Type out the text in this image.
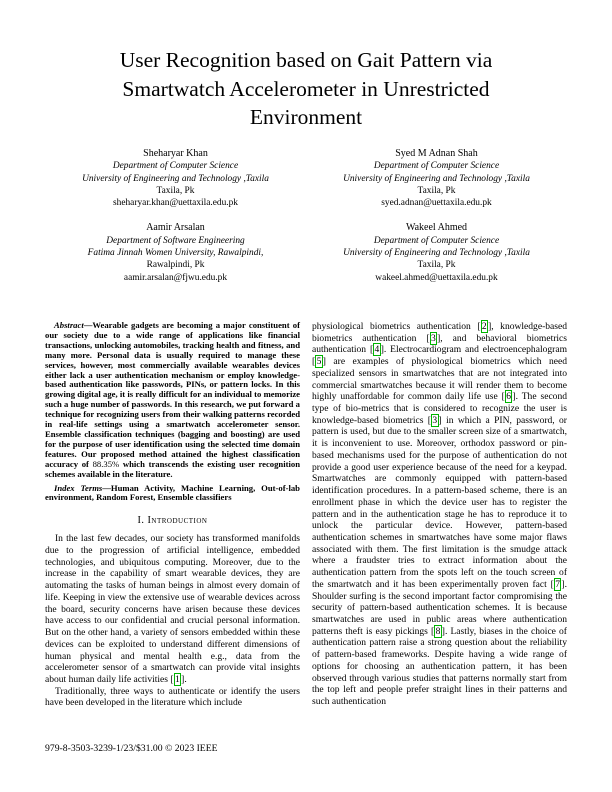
User Recognition based on Gait Pattern via
Smartwatch Accelerometer in Unrestricted
Environment
Sheharyar Khan
Department of Computer Science
University of Engineering and Technology ,Taxila
Taxila, Pk
sheharyar.khan@uettaxila.edu.pk
Syed M Adnan Shah
Department of Computer Science
University of Engineering and Technology ,Taxila
Taxila, Pk
syed.adnan@uettaxila.edu.pk
Aamir Arsalan
Department of Software Engineering
Fatima Jinnah Women University, Rawalpindi,
Rawalpindi, Pk
aamir.arsalan@fjwu.edu.pk
Wakeel Ahmed
Department of Computer Science
University of Engineering and Technology ,Taxila
Taxila, Pk
wakeel.ahmed@uettaxila.edu.pk

Abstract—Wearable gadgets are becoming a major constituent of our society due to a wide range of applications like financial transactions, unlocking automobiles, tracking health and fitness, and many more. Personal data is usually required to manage these services, however, most commercially available wearables devices either lack a user authentication mechanism or employ knowledge-based authentication like passwords, PINs, or pattern locks. In this growing digital age, it is really difficult for an individual to memorize such a huge number of passwords. In this research, we put forward a technique for recognizing users from their walking patterns recorded in real-life settings using a smartwatch accelerometer sensor. Ensemble classification techniques (bagging and boosting) are used for the purpose of user identification using the selected time domain features. Our proposed method attained the highest classification accuracy of 88.35% which transcends the existing user recognition schemes available in the literature.

Index Terms—Human Activity, Machine Learning, Out-of-lab environment, Random Forest, Ensemble classifiers

I. Introduction

In the last few decades, our society has transformed manifolds due to the progression of artificial intelligence, embedded technologies, and ubiquitous computing. Moreover, due to the increase in the capability of smart wearable devices, they are automating the tasks of human beings in almost every domain of life. Keeping in view the extensive use of wearable devices across the board, security concerns have arisen because these devices have access to our confidential and crucial personal information. But on the other hand, a variety of sensors embedded within these devices can be exploited to understand different dimensions of human physical and mental health e.g., data from the accelerometer sensor of a smartwatch can provide vital insights about human daily life activities [1].

Traditionally, three ways to authenticate or identify the users have been developed in the literature which include

physiological biometrics authentication [2], knowledge-based biometrics authentication [3], and behavioral biometrics authentication [4]. Electrocardiogram and electroencephalogram [5] are examples of physiological biometrics which need specialized sensors in smartwatches that are not integrated into commercial smartwatches because it will render them to become highly unaffordable for common daily life use [6]. The second type of bio-metrics that is considered to recognize the user is knowledge-based biometrics [3] in which a PIN, password, or pattern is used, but due to the smaller screen size of a smartwatch, it is inconvenient to use. Moreover, orthodox password or pin-based mechanisms used for the purpose of authentication do not provide a good user experience because of the need for a keypad. Smartwatches are commonly equipped with pattern-based identification procedures. In a pattern-based scheme, there is an enrollment phase in which the device user has to register the pattern and in the authentication stage he has to reproduce it to unlock the particular device. However, pattern-based authentication schemes in smartwatches have some major flaws associated with them. The first limitation is the smudge attack where a fraudster tries to extract information about the authentication pattern from the spots left on the touch screen of the smartwatch and it has been experimentally proven fact [7]. Shoulder surfing is the second important factor compromising the security of pattern-based authentication schemes. It is because smartwatches are used in public areas where authentication patterns theft is easy pickings [8]. Lastly, biases in the choice of authentication pattern raise a strong question about the reliability of pattern-based frameworks. Despite having a wide range of options for choosing an authentication pattern, it has been observed through various studies that patterns normally start from the top left and people prefer straight lines in their patterns and such authentication

979-8-3503-3239-1/23/$31.00 © 2023 IEEE
